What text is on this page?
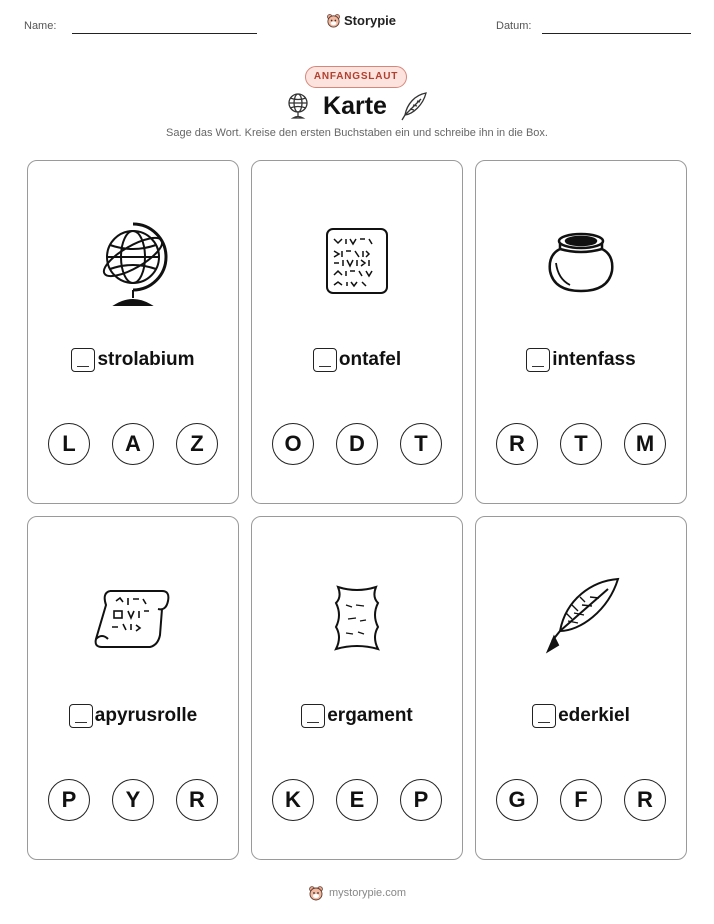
Name:	Storypie	Datum:
ANFANGSLAUT
Karte
Sage das Wort. Kreise den ersten Buchstaben ein und schreibe ihn in die Box.
strolabium
L	A	Z
ontafel
O	D	T
intenfass
R	T	M
apyrusrolle
P	Y	R
ergament
K	E	P
ederkiel
G	F	R
mystorypie.com
